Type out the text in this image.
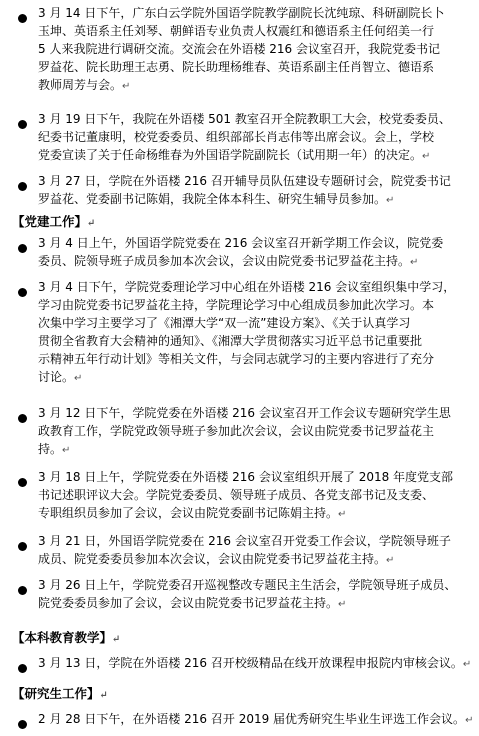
3 月 14 日下午，广东白云学院外国语学院教学副院长沈纯琼、科研副院长卜
玉坤、英语系主任刘琴、朝鲜语专业负责人权震红和德语系主任何绍美一行
5 人来我院进行调研交流。交流会在外语楼 216 会议室召开，我院党委书记
罗益花、院长助理王志勇、院长助理杨维春、英语系副主任肖智立、德语系
教师周芳与会。↵
3 月 19 日下午，我院在外语楼 501 教室召开全院教职工大会，校党委委员、
纪委书记董康明，校党委委员、组织部部长肖志伟等出席会议。会上，学校
党委宣读了关于任命杨维春为外国语学院副院长（试用期一年）的决定。↵
3 月 27 日，学院在外语楼 216 召开辅导员队伍建设专题研讨会，院党委书记
罗益花、党委副书记陈娟，我院全体本科生、研究生辅导员参加。↵
【党建工作】↵
3 月 4 日上午，外国语学院党委在 216 会议室召开新学期工作会议，院党委
委员、院领导班子成员参加本次会议，会议由院党委书记罗益花主持。↵
3 月 4 日下午，学院党委理论学习中心组在外语楼 216 会议室组织集中学习，
学习由院党委书记罗益花主持，学院理论学习中心组成员参加此次学习。本
次集中学习主要学习了《湘潭大学“双一流”建设方案》、《关于认真学习
贯彻全省教育大会精神的通知》、《湘潭大学贯彻落实习近平总书记重要批
示精神五年行动计划》等相关文件，与会同志就学习的主要内容进行了充分
讨论。↵
3 月 12 日下午，学院党委在外语楼 216 会议室召开工作会议专题研究学生思
政教育工作，学院党政领导班子参加此次会议，会议由院党委书记罗益花主
持。↵
3 月 18 日上午，学院党委在外语楼 216 会议室组织开展了 2018 年度党支部
书记述职评议大会。学院党委委员、领导班子成员、各党支部书记及支委、
专职组织员参加了会议，会议由院党委副书记陈娟主持。↵
3 月 21 日，外国语学院党委在 216 会议室召开党委工作会议，学院领导班子
成员、院党委委员参加本次会议，会议由院党委书记罗益花主持。↵
3 月 26 日上午，学院党委召开巡视整改专题民主生活会，学院领导班子成员、
院党委委员参加了会议，会议由院党委书记罗益花主持。↵
【本科教育教学】↵
3 月 13 日，学院在外语楼 216 召开校级精品在线开放课程申报院内审核会议。↵
【研究生工作】↵
2 月 28 日下午，在外语楼 216 召开 2019 届优秀研究生毕业生评选工作会议。↵
